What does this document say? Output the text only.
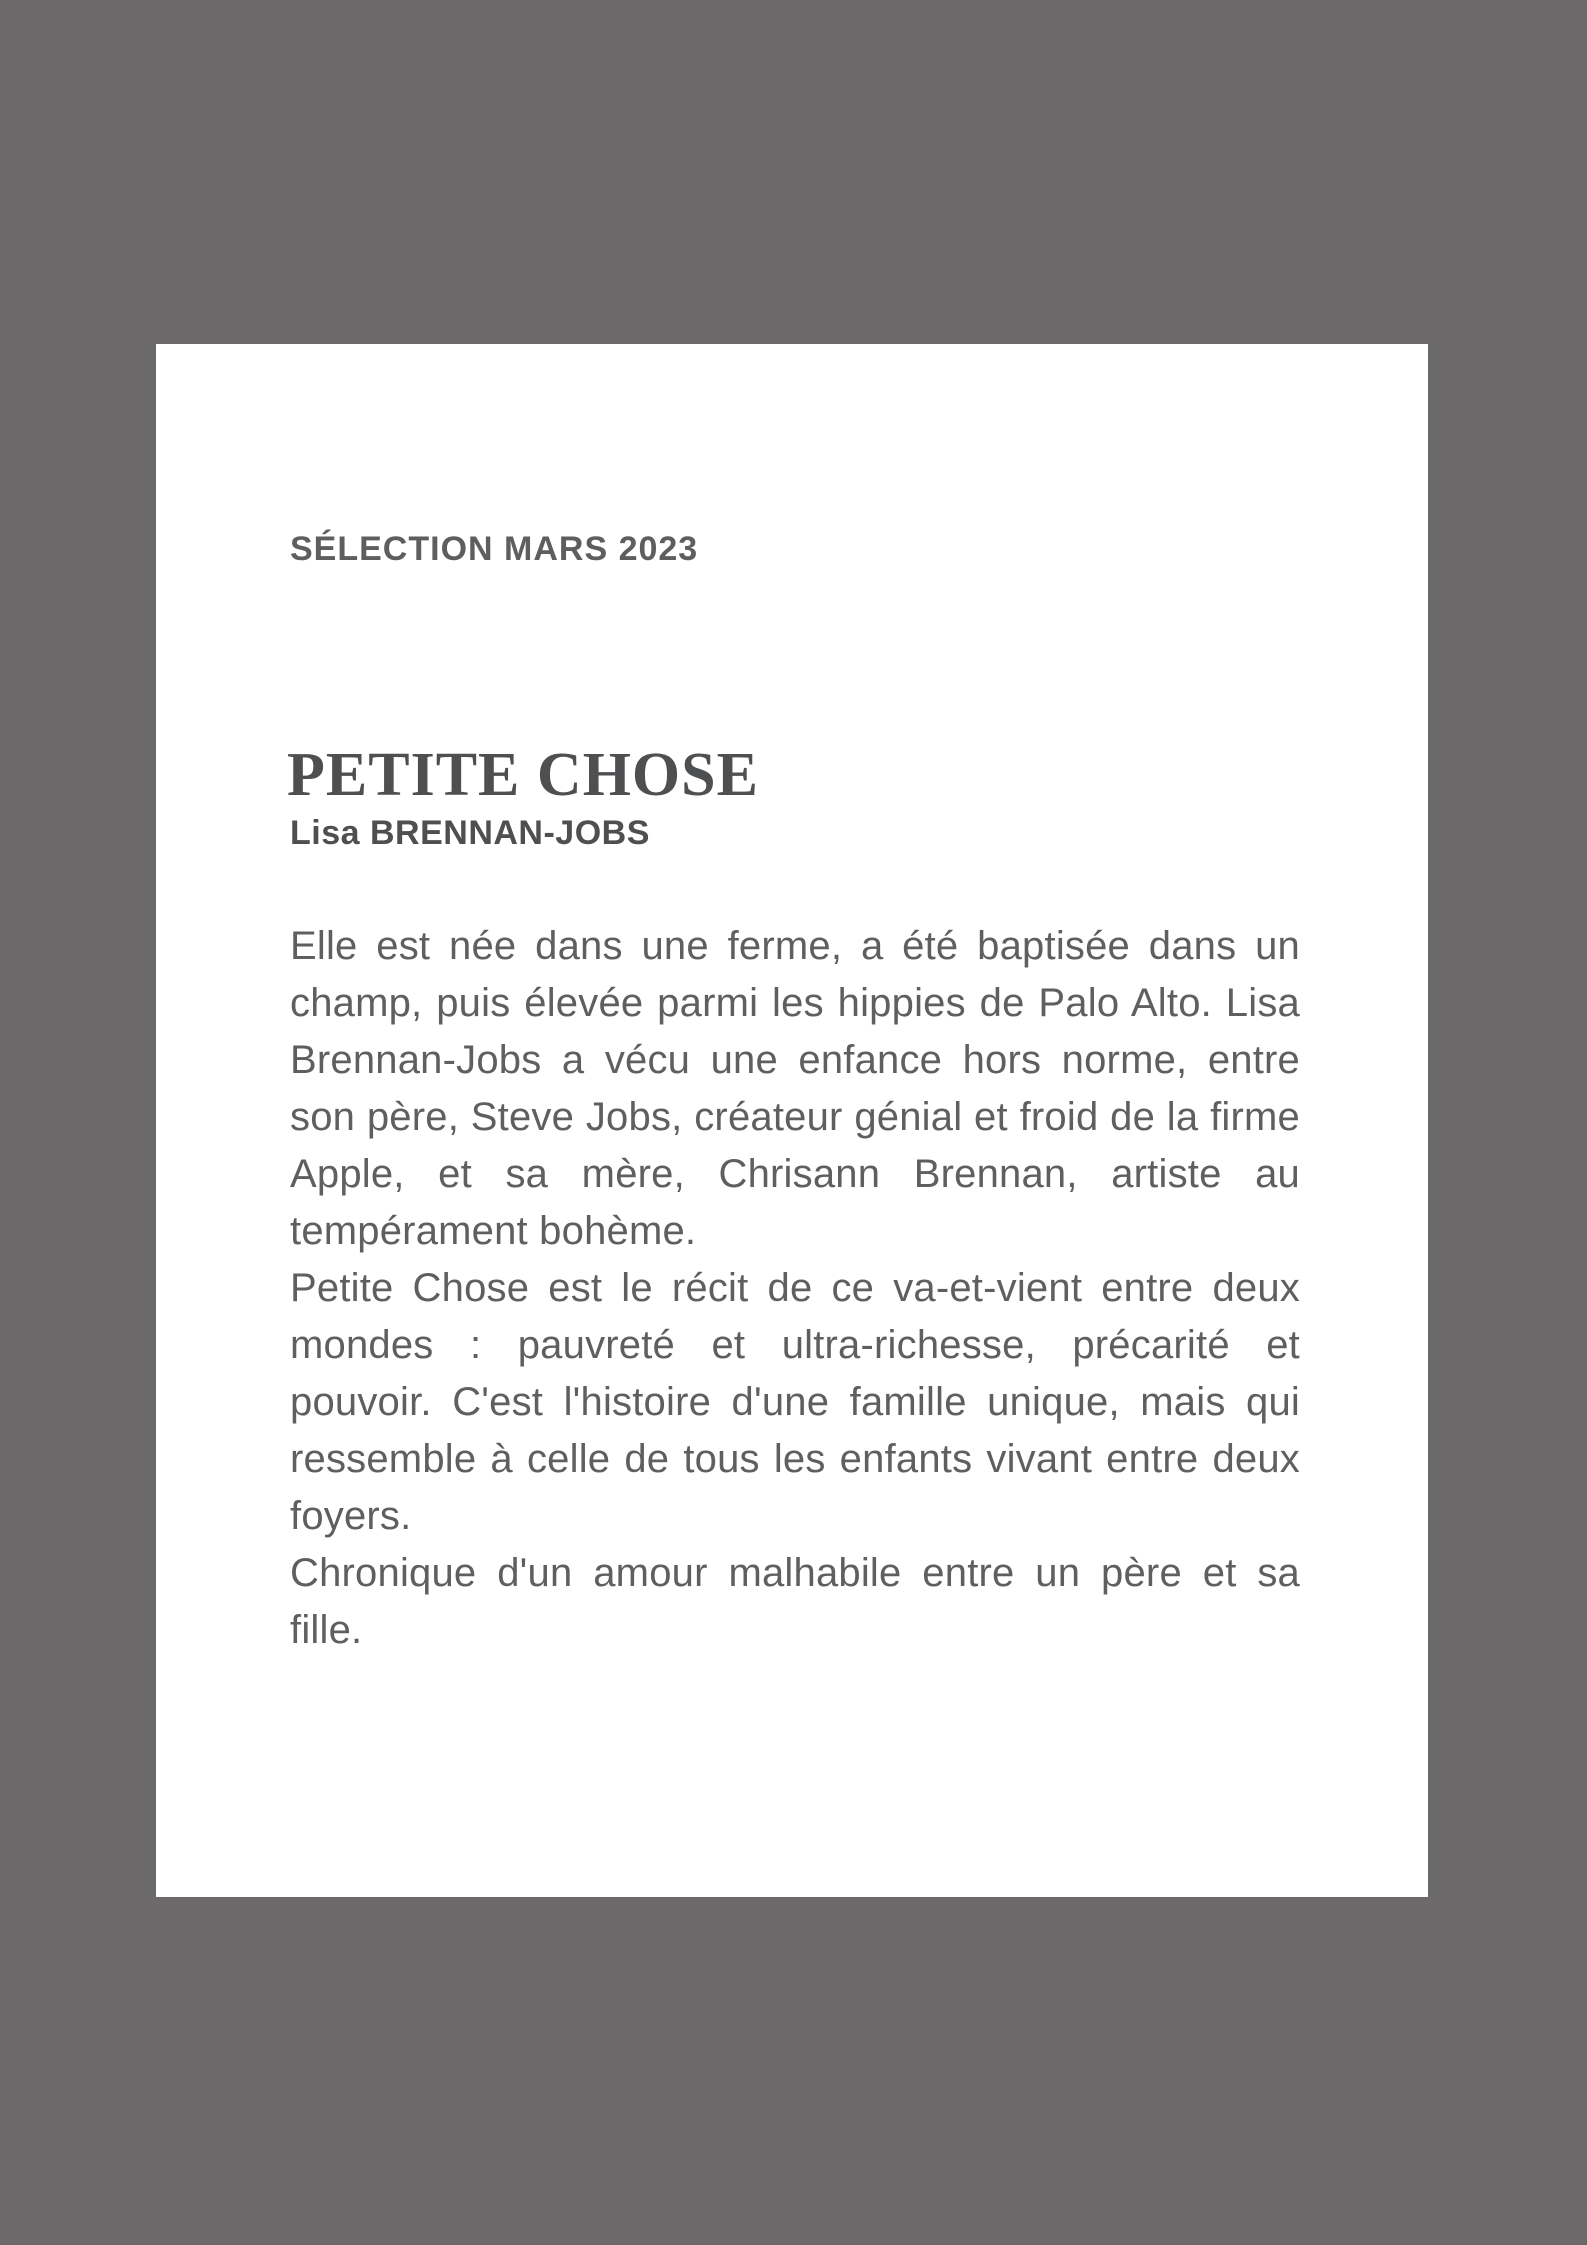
SÉLECTION MARS 2023
PETITE CHOSE
Lisa BRENNAN-JOBS

Elle est née dans une ferme, a été baptisée dans un champ, puis élevée parmi les hippies de Palo Alto. Lisa Brennan-Jobs a vécu une enfance hors norme, entre son père, Steve Jobs, créateur génial et froid de la firme Apple, et sa mère, Chrisann Brennan, artiste au tempérament bohème.

Petite Chose est le récit de ce va-et-vient entre deux mondes : pauvreté et ultra-richesse, précarité et pouvoir. C'est l'histoire d'une famille unique, mais qui ressemble à celle de tous les enfants vivant entre deux foyers.

Chronique d'un amour malhabile entre un père et sa fille.
